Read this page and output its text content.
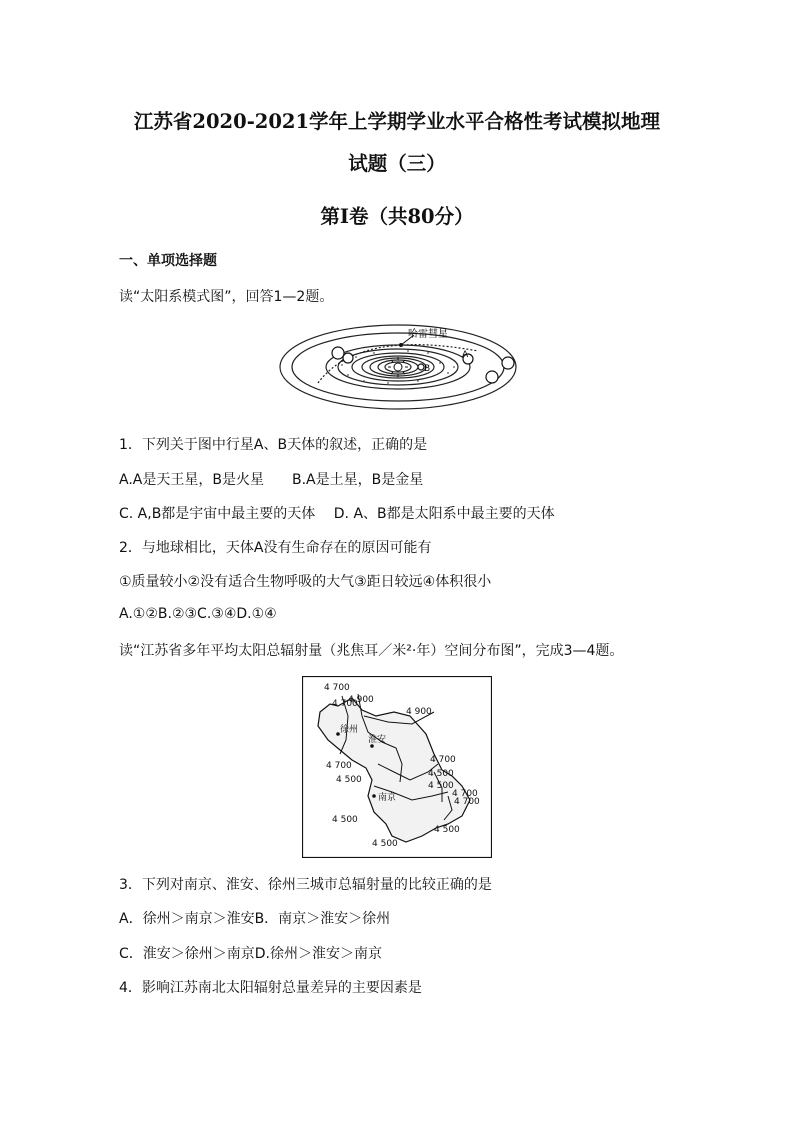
江苏省2020-2021学年上学期学业水平合格性考试模拟地理
试题（三）
第I卷（共80分）
一、单项选择题
读“太阳系模式图”，回答1—2题。
哈雷彗星
A
B
1．下列关于图中行星A、B天体的叙述，正确的是
A.A是天王星，B是火星　　B.A是土星，B是金星
C. A,B都是宇宙中最主要的天体　 D. A、B都是太阳系中最主要的天体
2．与地球相比，天体A没有生命存在的原因可能有
①质量较小②没有适合生物呼吸的大气③距日较远④体积很小
A.①②B.②③C.③④D.①④
读“江苏省多年平均太阳总辐射量（兆焦耳／米²·年）空间分布图”，完成3—4题。
徐州
淮安
南京
4 700
4 700
4 900
4 900
4 700
4 500
4 700
4 500
4 700
4 500
4 700
4 500
4 500
4 500
3．下列对南京、淮安、徐州三城市总辐射量的比较正确的是
A．徐州＞南京＞淮安B．南京＞淮安＞徐州
C．淮安＞徐州＞南京D.徐州＞淮安＞南京
4．影响江苏南北太阳辐射总量差异的主要因素是
